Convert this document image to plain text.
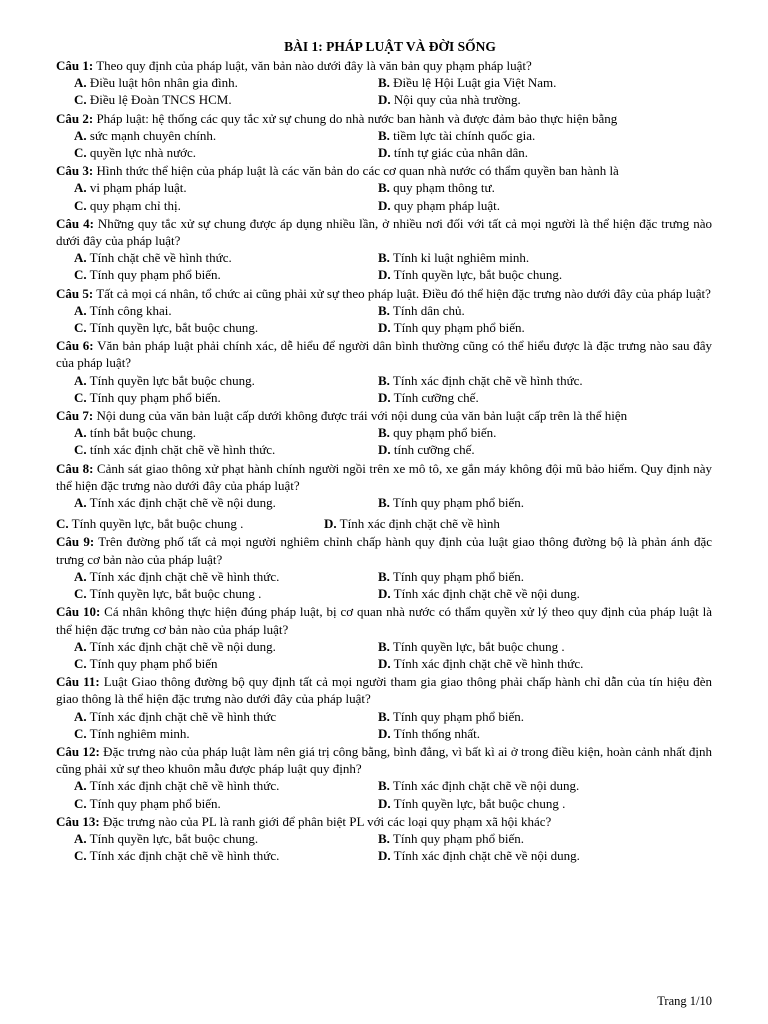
BÀI 1: PHÁP LUẬT VÀ ĐỜI SỐNG
Câu 1: Theo quy định của pháp luật, văn bản nào dưới đây là văn bản quy phạm pháp luật?
A. Điều luật hôn nhân gia đình.	B. Điều lệ Hội Luật gia Việt Nam.
C. Điều lệ Đoàn TNCS HCM.	D. Nội quy của nhà trường.
Câu 2: Pháp luật: hệ thống các quy tắc xử sự chung do nhà nước ban hành và được đảm bảo thực hiện bằng
A. sức mạnh chuyên chính.	B. tiềm lực tài chính quốc gia.
C. quyền lực nhà nước.	D. tính tự giác của nhân dân.
Câu 3: Hình thức thể hiện của pháp luật là các văn bản do các cơ quan nhà nước có thẩm quyền ban hành là
A. vi phạm pháp luật.	B. quy phạm thông tư.
C. quy phạm chỉ thị.	D. quy phạm pháp luật.
Câu 4: Những quy tắc xử sự chung được áp dụng nhiều lần, ở nhiều nơi đối với tất cả mọi người là thể hiện đặc trưng nào dưới đây của pháp luật?
A. Tính chặt chẽ về hình thức.	B. Tính kỉ luật nghiêm minh.
C. Tính quy phạm phổ biến.	D. Tính quyền lực, bắt buộc chung.
Câu 5: Tất cả mọi cá nhân, tổ chức ai cũng phải xử sự theo pháp luật. Điều đó thể hiện đặc trưng nào dưới đây của pháp luật?
A. Tính công khai.	B. Tính dân chủ.
C. Tính quyền lực, bắt buộc chung.	D. Tính quy phạm phổ biến.
Câu 6: Văn bản pháp luật phải chính xác, dễ hiểu để người dân bình thường cũng có thể hiểu được là đặc trưng nào sau đây của pháp luật?
A. Tính quyền lực bắt buộc chung.	B. Tính xác định chặt chẽ về hình thức.
C. Tính quy phạm phổ biến.	D. Tính cưỡng chế.
Câu 7: Nội dung của văn bản luật cấp dưới không được trái với nội dung của văn bản luật cấp trên là thể hiện
A. tính bắt buộc chung.	B. quy phạm phổ biến.
C. tính xác định chặt chẽ về hình thức.	D. tính cưỡng chế.
Câu 8: Cảnh sát giao thông xử phạt hành chính người ngồi trên xe mô tô, xe gắn máy không đội mũ bảo hiểm. Quy định này thể hiện đặc trưng nào dưới đây của pháp luật?
A. Tính xác định chặt chẽ về nội dung.	B. Tính quy phạm phổ biến.
C. Tính quyền lực, bắt buộc chung .	D. Tính xác định chặt chẽ về hình
Câu 9: Trên đường phố tất cả mọi người nghiêm chỉnh chấp hành quy định của luật giao thông đường bộ là phản ánh đặc trưng cơ bản nào của pháp luật?
A. Tính xác định chặt chẽ về hình thức.	B. Tính quy phạm phổ biến.
C. Tính quyền lực, bắt buộc chung .	D. Tính xác định chặt chẽ về nội dung.
Câu 10: Cá nhân không thực hiện đúng pháp luật, bị cơ quan nhà nước có thẩm quyền xử lý theo quy định của pháp luật là thể hiện đặc trưng cơ bản nào của pháp luật?
A. Tính xác định chặt chẽ về nội dung.	B. Tính quyền lực, bắt buộc chung .
C. Tính quy phạm phổ biến	D. Tính xác định chặt chẽ về hình thức.
Câu 11: Luật Giao thông đường bộ quy định tất cả mọi người tham gia giao thông phải chấp hành chỉ dẫn của tín hiệu đèn giao thông là thể hiện đặc trưng nào dưới đây của pháp luật?
A. Tính xác định chặt chẽ về hình thức	B. Tính quy phạm phổ biến.
C. Tính nghiêm minh.	D. Tính thống nhất.
Câu 12: Đặc trưng nào của pháp luật làm nên giá trị công bằng, bình đẳng, vì bất kì ai ở trong điều kiện, hoàn cảnh nhất định cũng phải xử sự theo khuôn mẫu được pháp luật quy định?
A. Tính xác định chặt chẽ về hình thức.	B. Tính xác định chặt chẽ về nội dung.
C. Tính quy phạm phổ biến.	D. Tính quyền lực, bắt buộc chung .
Câu 13: Đặc trưng nào của PL là ranh giới để phân biệt PL với các loại quy phạm xã hội khác?
A. Tính quyền lực, bắt buộc chung.	B. Tính quy phạm phổ biến.
C. Tính xác định chặt chẽ về hình thức.	D. Tính xác định chặt chẽ về nội dung.
Trang 1/10
